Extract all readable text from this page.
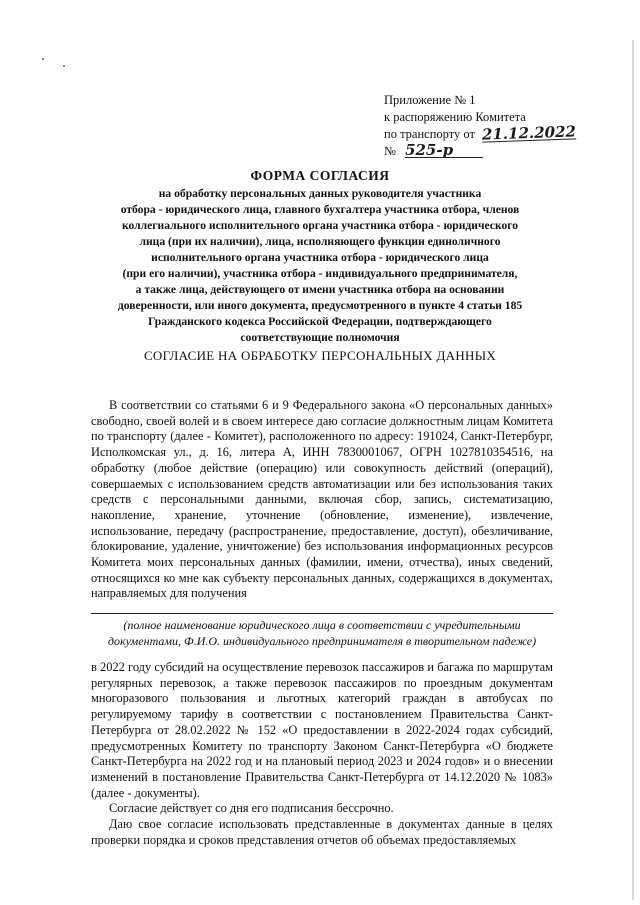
Приложение № 1
к распоряжению Комитета
по транспорту от 21.12.2022
№ 525-р
ФОРМА СОГЛАСИЯ
на обработку персональных данных руководителя участника
отбора - юридического лица, главного бухгалтера участника отбора, членов
коллегиального исполнительного органа участника отбора - юридического
лица (при их наличии), лица, исполняющего функции единоличного
исполнительного органа участника отбора - юридического лица
(при его наличии), участника отбора - индивидуального предпринимателя,
а также лица, действующего от имени участника отбора на основании
доверенности, или иного документа, предусмотренного в пункте 4 статьи 185
Гражданского кодекса Российской Федерации, подтверждающего
соответствующие полномочия
СОГЛАСИЕ НА ОБРАБОТКУ ПЕРСОНАЛЬНЫХ ДАННЫХ

В соответствии со статьями 6 и 9 Федерального закона «О персональных данных» свободно, своей волей и в своем интересе даю согласие должностным лицам Комитета по транспорту (далее - Комитет), расположенного по адресу: 191024, Санкт-Петербург, Исполкомская ул., д. 16, литера А, ИНН 7830001067, ОГРН 1027810354516, на обработку (любое действие (операцию) или совокупность действий (операций), совершаемых с использованием средств автоматизации или без использования таких средств с персональными данными, включая сбор, запись, систематизацию, накопление, хранение, уточнение (обновление, изменение), извлечение, использование, передачу (распространение, предоставление, доступ), обезличивание, блокирование, удаление, уничтожение) без использования информационных ресурсов Комитета моих персональных данных (фамилии, имени, отчества), иных сведений, относящихся ко мне как субъекту персональных данных, содержащихся в документах, направляемых для получения

(полное наименование юридического лица в соответствии с учредительными документами, Ф.И.О. индивидуального предпринимателя в творительном падеже)

в 2022 году субсидий на осуществление перевозок пассажиров и багажа по маршрутам регулярных перевозок, а также перевозок пассажиров по проездным документам многоразового пользования и льготных категорий граждан в автобусах по регулируемому тарифу в соответствии с постановлением Правительства Санкт-Петербурга от 28.02.2022 № 152 «О предоставлении в 2022-2024 годах субсидий, предусмотренных Комитету по транспорту Законом Санкт-Петербурга «О бюджете Санкт-Петербурга на 2022 год и на плановый период 2023 и 2024 годов» и о внесении изменений в постановление Правительства Санкт-Петербурга от 14.12.2020 № 1083» (далее - документы).

Согласие действует со дня его подписания бессрочно.

Даю свое согласие использовать представленные в документах данные в целях проверки порядка и сроков представления отчетов об объемах предоставляемых
